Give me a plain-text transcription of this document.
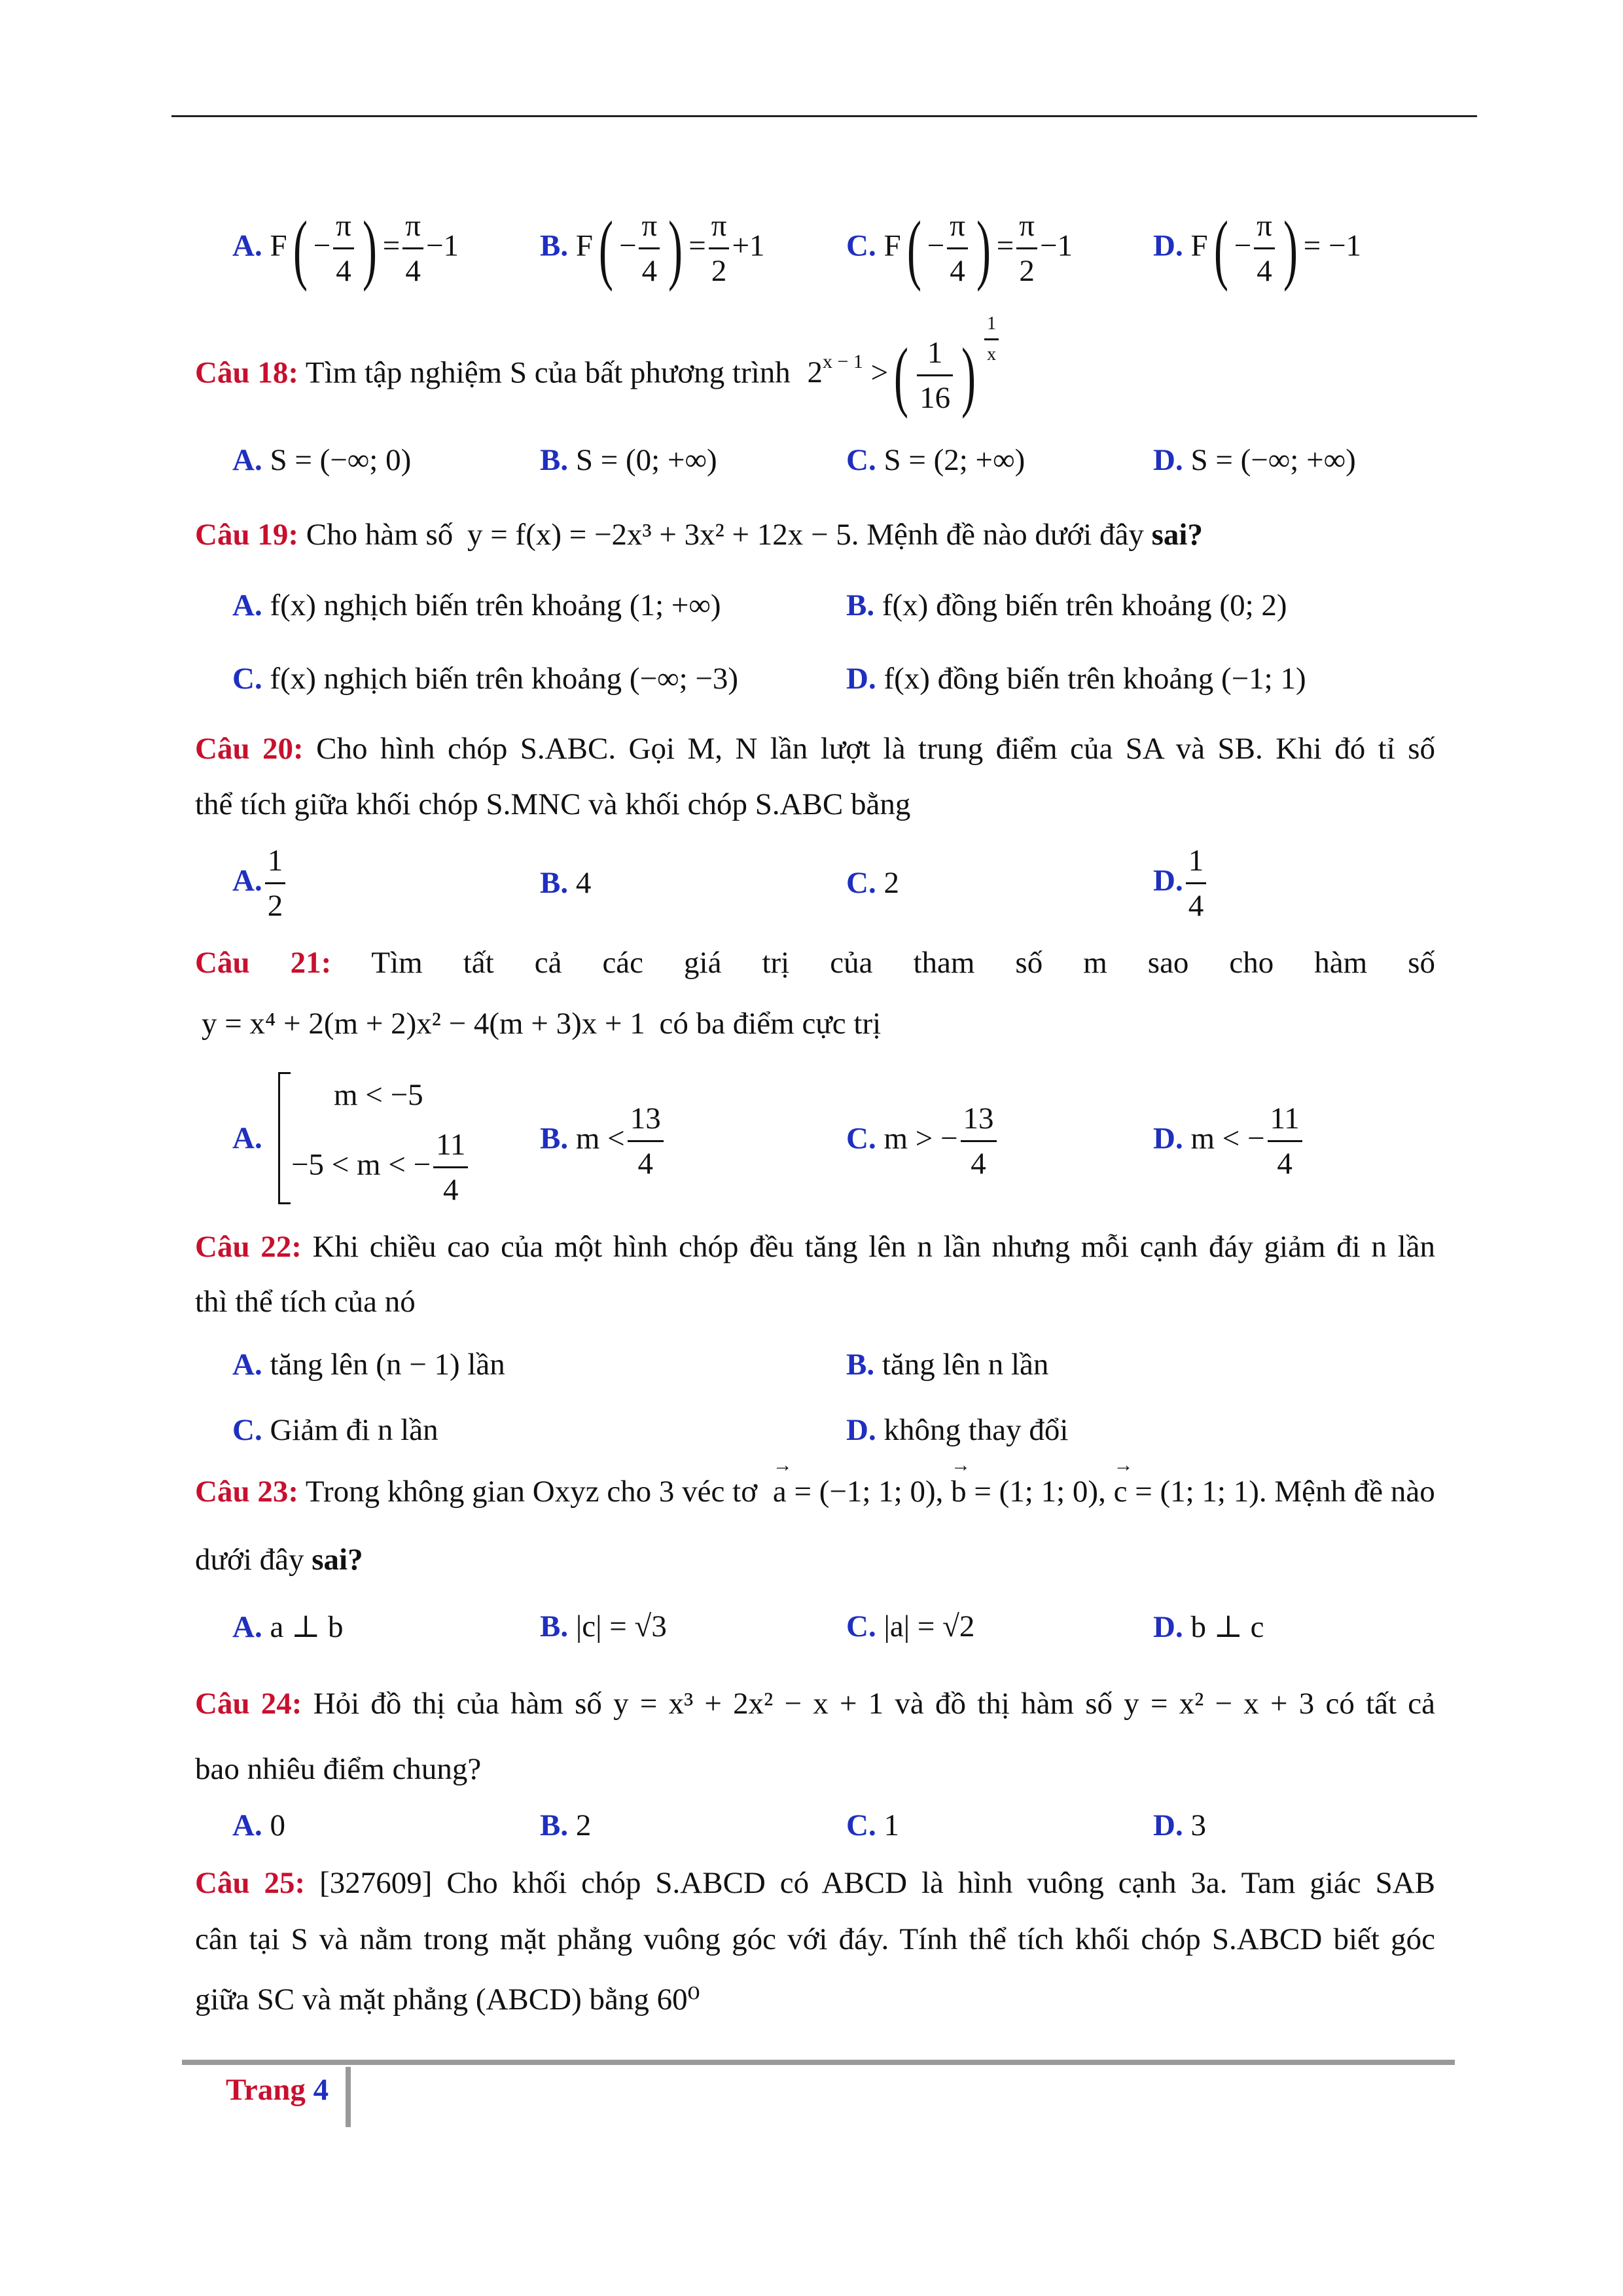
A. $F( - \frac{\pi}{4}$ ) = $\frac{\pi}{4} -1$	B. $F( - \frac{\pi}{4}$ ) = $\frac{\pi}{2} +1$	C. $F( - \frac{\pi}{4}$ ) = $\frac{\pi}{2} -1$	D. $F( - \frac{\pi}{4}$ ) = −1
Câu 18: Tìm tập nghiệm S của bất phương trình $2^{x - 1}$ >( $\frac{1}{16}$ ) $\frac{1}{x}$
A. S = (−∞; 0)	B. S = (0; +∞)	C. S = (2; +∞)	D. S = (−∞; +∞)
Câu 19: Cho hàm số y = f(x) = −2x³ + 3x² + 12x − 5. Mệnh đề nào dưới đây sai?
A. f(x) nghịch biến trên khoảng (1; +∞)	B. f(x) đồng biến trên khoảng (0; 2)
C. f(x) nghịch biến trên khoảng (−∞; −3)	D. f(x) đồng biến trên khoảng (−1; 1)
Câu 20: Cho hình chóp S.ABC. Gọi M, N lần lượt là trung điểm của SA và SB. Khi đó tỉ số
thể tích giữa khối chóp S.MNC và khối chóp S.ABC bằng
A. $\frac{1}{2}$	B. 4	C. 2	D. $\frac{1}{4}$
Câu 21: Tìm tất cả các giá trị của tham số m sao cho hàm số
y = x⁴ + 2(m + 2)x² − 4(m + 3)x + 1 có ba điểm cực trị
A.
m < −5
−5 < m < − $\frac{11}{4} B$. $m < \frac{13}{4}$	C. m > − $\frac{13}{4}$	D. m < − $\frac{11}{4}$
Câu 22: Khi chiều cao của một hình chóp đều tăng lên n lần nhưng mỗi cạnh đáy giảm đi n lần
thì thể tích của nó
A. tăng lên (n − 1) lần	B. tăng lên n lần
C. Giảm đi n lần	D. không thay đổi
Câu 23: Trong không gian Oxyz cho 3 véc tơ → a = (−1; 1; 0), → b = (1; 1; 0), → c = (1; 1; 1). Mệnh đề nào
dưới đây sai?
A. a ⊥ b	B. |c| = √3	C. |a| = √2	D. b ⊥ c
Câu 24: Hỏi đồ thị của hàm số y = x³ + 2x² − x + 1 và đồ thị hàm số y = x² − x + 3 có tất cả
bao nhiêu điểm chung?
A. 0	B. 2	C. 1	D. 3
Câu 25: [327609] Cho khối chóp S.ABCD có ABCD là hình vuông cạnh 3a. Tam giác SAB
cân tại S và nằm trong mặt phẳng vuông góc với đáy. Tính thể tích khối chóp S.ABCD biết góc
giữa SC và mặt phẳng (ABCD) bằng 60⁰
Trang 4
